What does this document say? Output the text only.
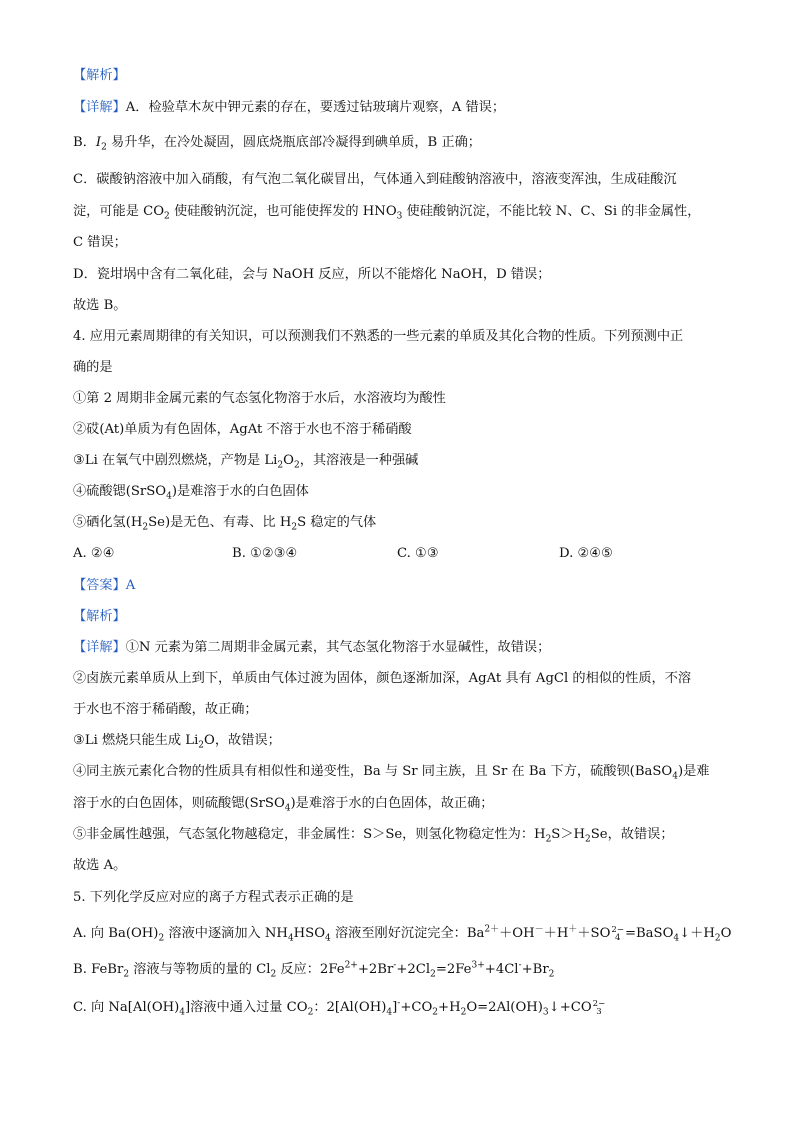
【解析】
【详解】A．检验草木灰中钾元素的存在，要透过钴玻璃片观察，A 错误；
B．$I_2$ 易升华，在冷处凝固，圆底烧瓶底部冷凝得到碘单质，B 正确；
C．碳酸钠溶液中加入硝酸，有气泡二氧化碳冒出，气体通入到硅酸钠溶液中，溶液变浑浊，生成硅酸沉
淀，可能是 $CO_2$ 使硅酸钠沉淀，也可能使挥发的 $HNO_3$ 使硅酸钠沉淀，不能比较 N、C、Si 的非金属性，
C 错误；
D．瓷坩埚中含有二氧化硅，会与 NaOH 反应，所以不能熔化 NaOH，D 错误；
故选 B。
4. 应用元素周期律的有关知识，可以预测我们不熟悉的一些元素的单质及其化合物的性质。下列预测中正
确的是
①第 2 周期非金属元素的气态氢化物溶于水后，水溶液均为酸性
②砹(At)单质为有色固体，AgAt 不溶于水也不溶于稀硝酸
③Li 在氧气中剧烈燃烧，产物是 $Li_2O_2$，其溶液是一种强碱
④硫酸锶(SrSO$_4$)是难溶于水的白色固体
⑤硒化氢$(H_2Se)$是无色、有毒、比 $H_2S$ 稳定的气体
A. ②④	B. ①②③④	C. ①③	D. ②④⑤
【答案】A
【解析】
【详解】①N 元素为第二周期非金属元素，其气态氢化物溶于水显碱性，故错误；
②卤族元素单质从上到下，单质由气体过渡为固体，颜色逐渐加深，AgAt 具有 AgCl 的相似的性质，不溶
于水也不溶于稀硝酸，故正确；
③Li 燃烧只能生成 $Li_2O$，故错误；
④同主族元素化合物的性质具有相似性和递变性，Ba 与 Sr 同主族，且 Sr 在 Ba 下方，硫酸钡(BaSO$_4$)是难
溶于水的白色固体，则硫酸锶(SrSO$_4$)是难溶于水的白色固体，故正确；
⑤非金属性越强，气态氢化物越稳定，非金属性：S＞Se，则氢化物稳定性为：$H_2S>H_2Se$，故错误；
故选 A。
5. 下列化学反应对应的离子方程式表示正确的是
A. 向 $Ba(OH)_2$ 溶液中逐滴加入 $NH_4HSO_4$ 溶液至刚好沉淀完全：$Ba^{2+}+OH^-+H^++SO$ 2−
$4 =BaSO_4↓+H_2O$
B. FeBr$_2$ 溶液与等物质的量的 $Cl_2$ 反应：$2Fe^{2+}+2Br^-+2Cl_2=2Fe^{3+}+4Cl^-+Br_2$
C. 向 $Na[Al(OH)_4]$溶液中通入过量 $CO_2$：$2[Al(OH)_4]^-+CO_2+H_2O=2Al(OH)_3↓+CO$ 2−
3
